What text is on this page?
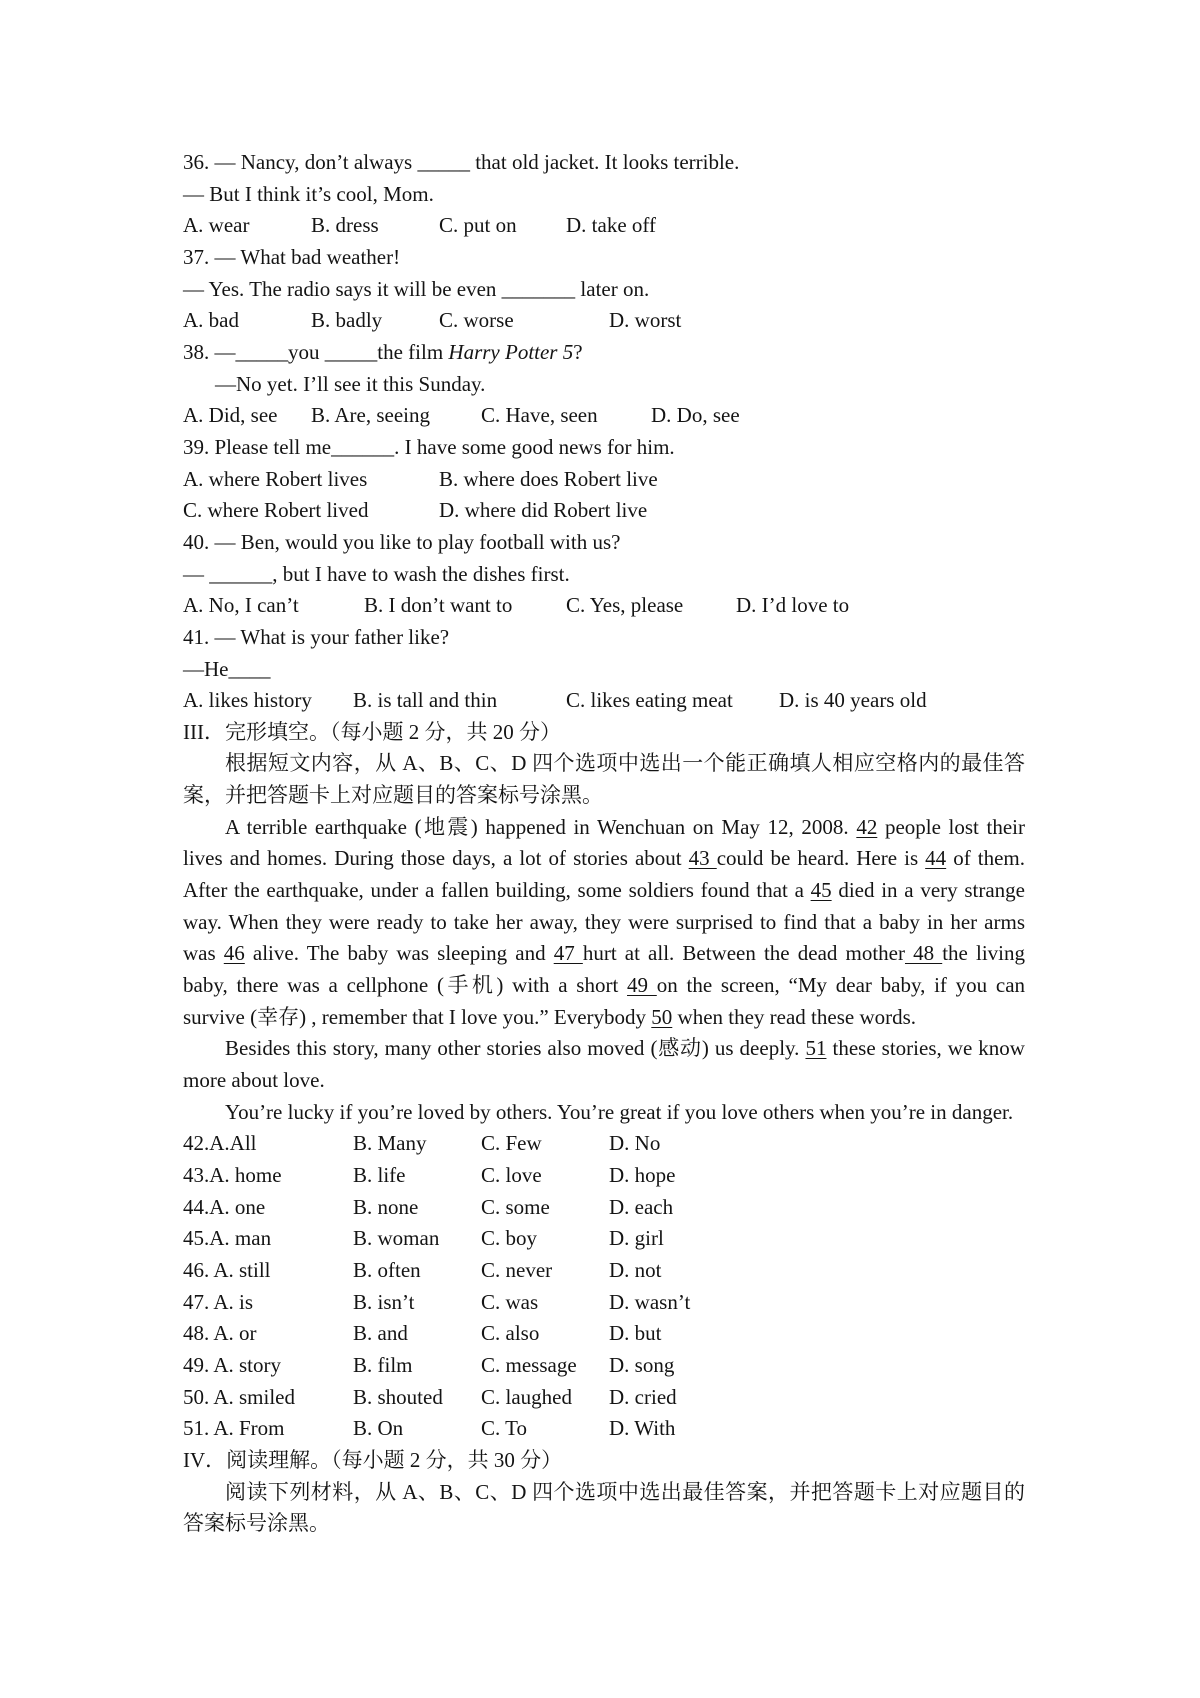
36. — Nancy, don’t always _____ that old jacket. It looks terrible.
— But I think it’s cool, Mom.
A. wear	B. dress	C. put on D. take off
37. — What bad weather!
— Yes. The radio says it will be even _______ later on.
A. bad	B. badly	C. worse	D. worst
38. —_____you _____the film Harry Potter 5?
—No yet. I’ll see it this Sunday.
A. Did, see B. Are, seeing C. Have, seen	D. Do, see
39. Please tell me______. I have some good news for him.
A. where Robert lives	B. where does Robert live
C. where Robert lived	D. where did Robert live
40. — Ben, would you like to play football with us?
— ______, but I have to wash the dishes first.
A. No, I can’t	B. I don’t want to	C. Yes, please	D. I’d love to
41. — What is your father like?
—He____
A. likes history B. is tall and thin	C. likes eating meat D. is 40 years old
III．完形填空。（每小题 2 分，共 20 分）
根据短文内容，从 A、B、C、D 四个选项中选出一个能正确填人相应空格内的最佳答
案，并把答题卡上对应题目的答案标号涂黑。
A terrible earthquake (地震) happened in Wenchuan on May 12, 2008. 42 people lost their
lives and homes. During those days, a lot of stories about 43 could be heard. Here is 44 of them.
After the earthquake, under a fallen building, some soldiers found that a 45 died in a very strange
way. When they were ready to take her away, they were surprised to find that a baby in her arms
was 46 alive. The baby was sleeping and 47 hurt at all. Between the dead mother 48 the living
baby, there was a cellphone (手机) with a short 49 on the screen, “My dear baby, if you can
survive (幸存) , remember that I love you.” Everybody 50 when they read these words.
Besides this story, many other stories also moved (感动) us deeply. 51 these stories, we know
more about love.
You’re lucky if you’re loved by others. You’re great if you love others when you’re in danger.
42.A.All	B. Many	C. Few	D. No
43.A. home	B. life	C. love	D. hope
44.A. one	B. none	C. some	D. each
45.A. man	B. woman C. boy	D. girl
46. A. still	B. often	C. never	D. not
47. A. is	B. isn’t	C. was	D. wasn’t
48. A. or	B. and	C. also	D. but
49. A. story	B. film	C. message D. song
50. A. smiled	B. shouted C. laughed D. cried
51. A. From	B. On	C. To	D. With
IV．阅读理解。（每小题 2 分，共 30 分）
阅读下列材料，从 A、B、C、D 四个选项中选出最佳答案，并把答题卡上对应题目的
答案标号涂黑。
